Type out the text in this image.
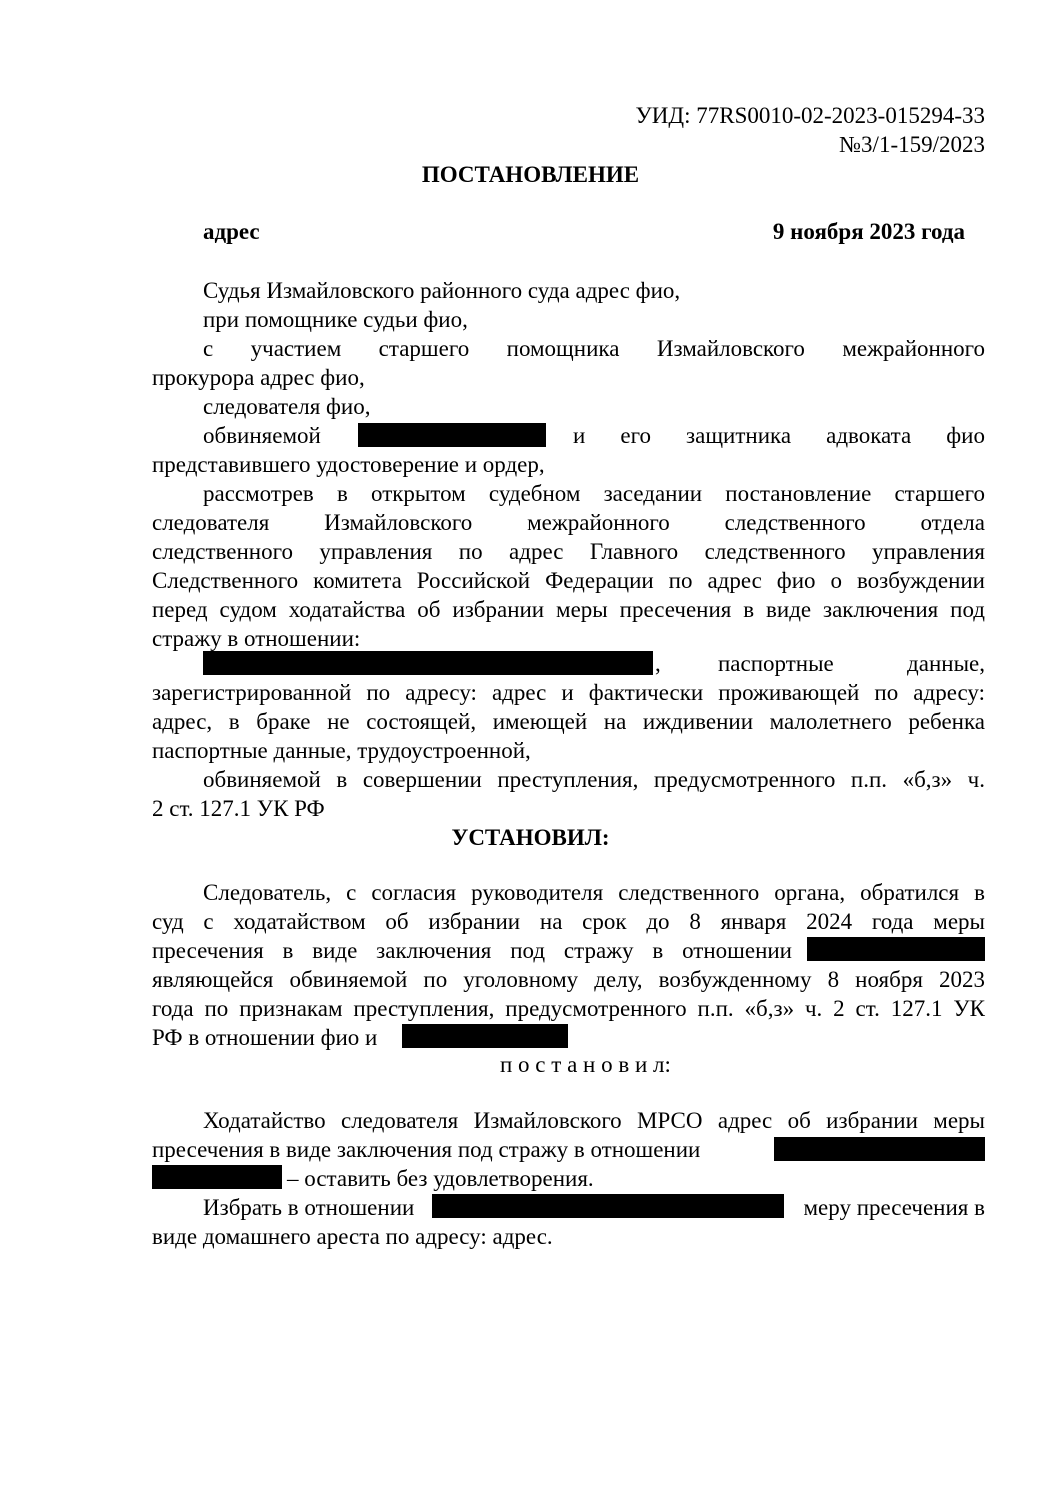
УИД: 77RS0010-02-2023-015294-33
№3/1-159/2023
ПОСТАНОВЛЕНИЕ
адрес	9 ноября 2023 года
Судья Измайловского районного суда адрес фио,
при помощнике судьи фио,
с участием старшего помощника Измайловского межрайонного
прокурора адрес фио,
следователя фио,
обвиняемой	и его защитника адвоката фио
представившего удостоверение и ордер,
рассмотрев в открытом судебном заседании постановление старшего
следователя Измайловского межрайонного следственного отдела
следственного управления по адрес Главного следственного управления
Следственного комитета Российской Федерации по адрес фио о возбуждении
перед судом ходатайства об избрании меры пресечения в виде заключения под
стражу в отношении:
, паспортные данные,
зарегистрированной по адресу: адрес и фактически проживающей по адресу:
адрес, в браке не состоящей, имеющей на иждивении малолетнего ребенка
паспортные данные, трудоустроенной,
обвиняемой в совершении преступления, предусмотренного п.п. «б,з» ч.
2 ст. 127.1 УК РФ
УСТАНОВИЛ:
Следователь, с согласия руководителя следственного органа, обратился в
суд с ходатайством об избрании на срок до 8 января 2024 года меры
пресечения в виде заключения под стражу в отношении
являющейся обвиняемой по уголовному делу, возбужденному 8 ноября 2023
года по признакам преступления, предусмотренного п.п. «б,з» ч. 2 ст. 127.1 УК
РФ в отношении фио и
п о с т а н о в и л:
Ходатайство следователя Измайловского МРСО адрес об избрании меры
пресечения в виде заключения под стражу в отношении
– оставить без удовлетворения.
Избрать в отношении	меру пресечения в
виде домашнего ареста по адресу: адрес.
